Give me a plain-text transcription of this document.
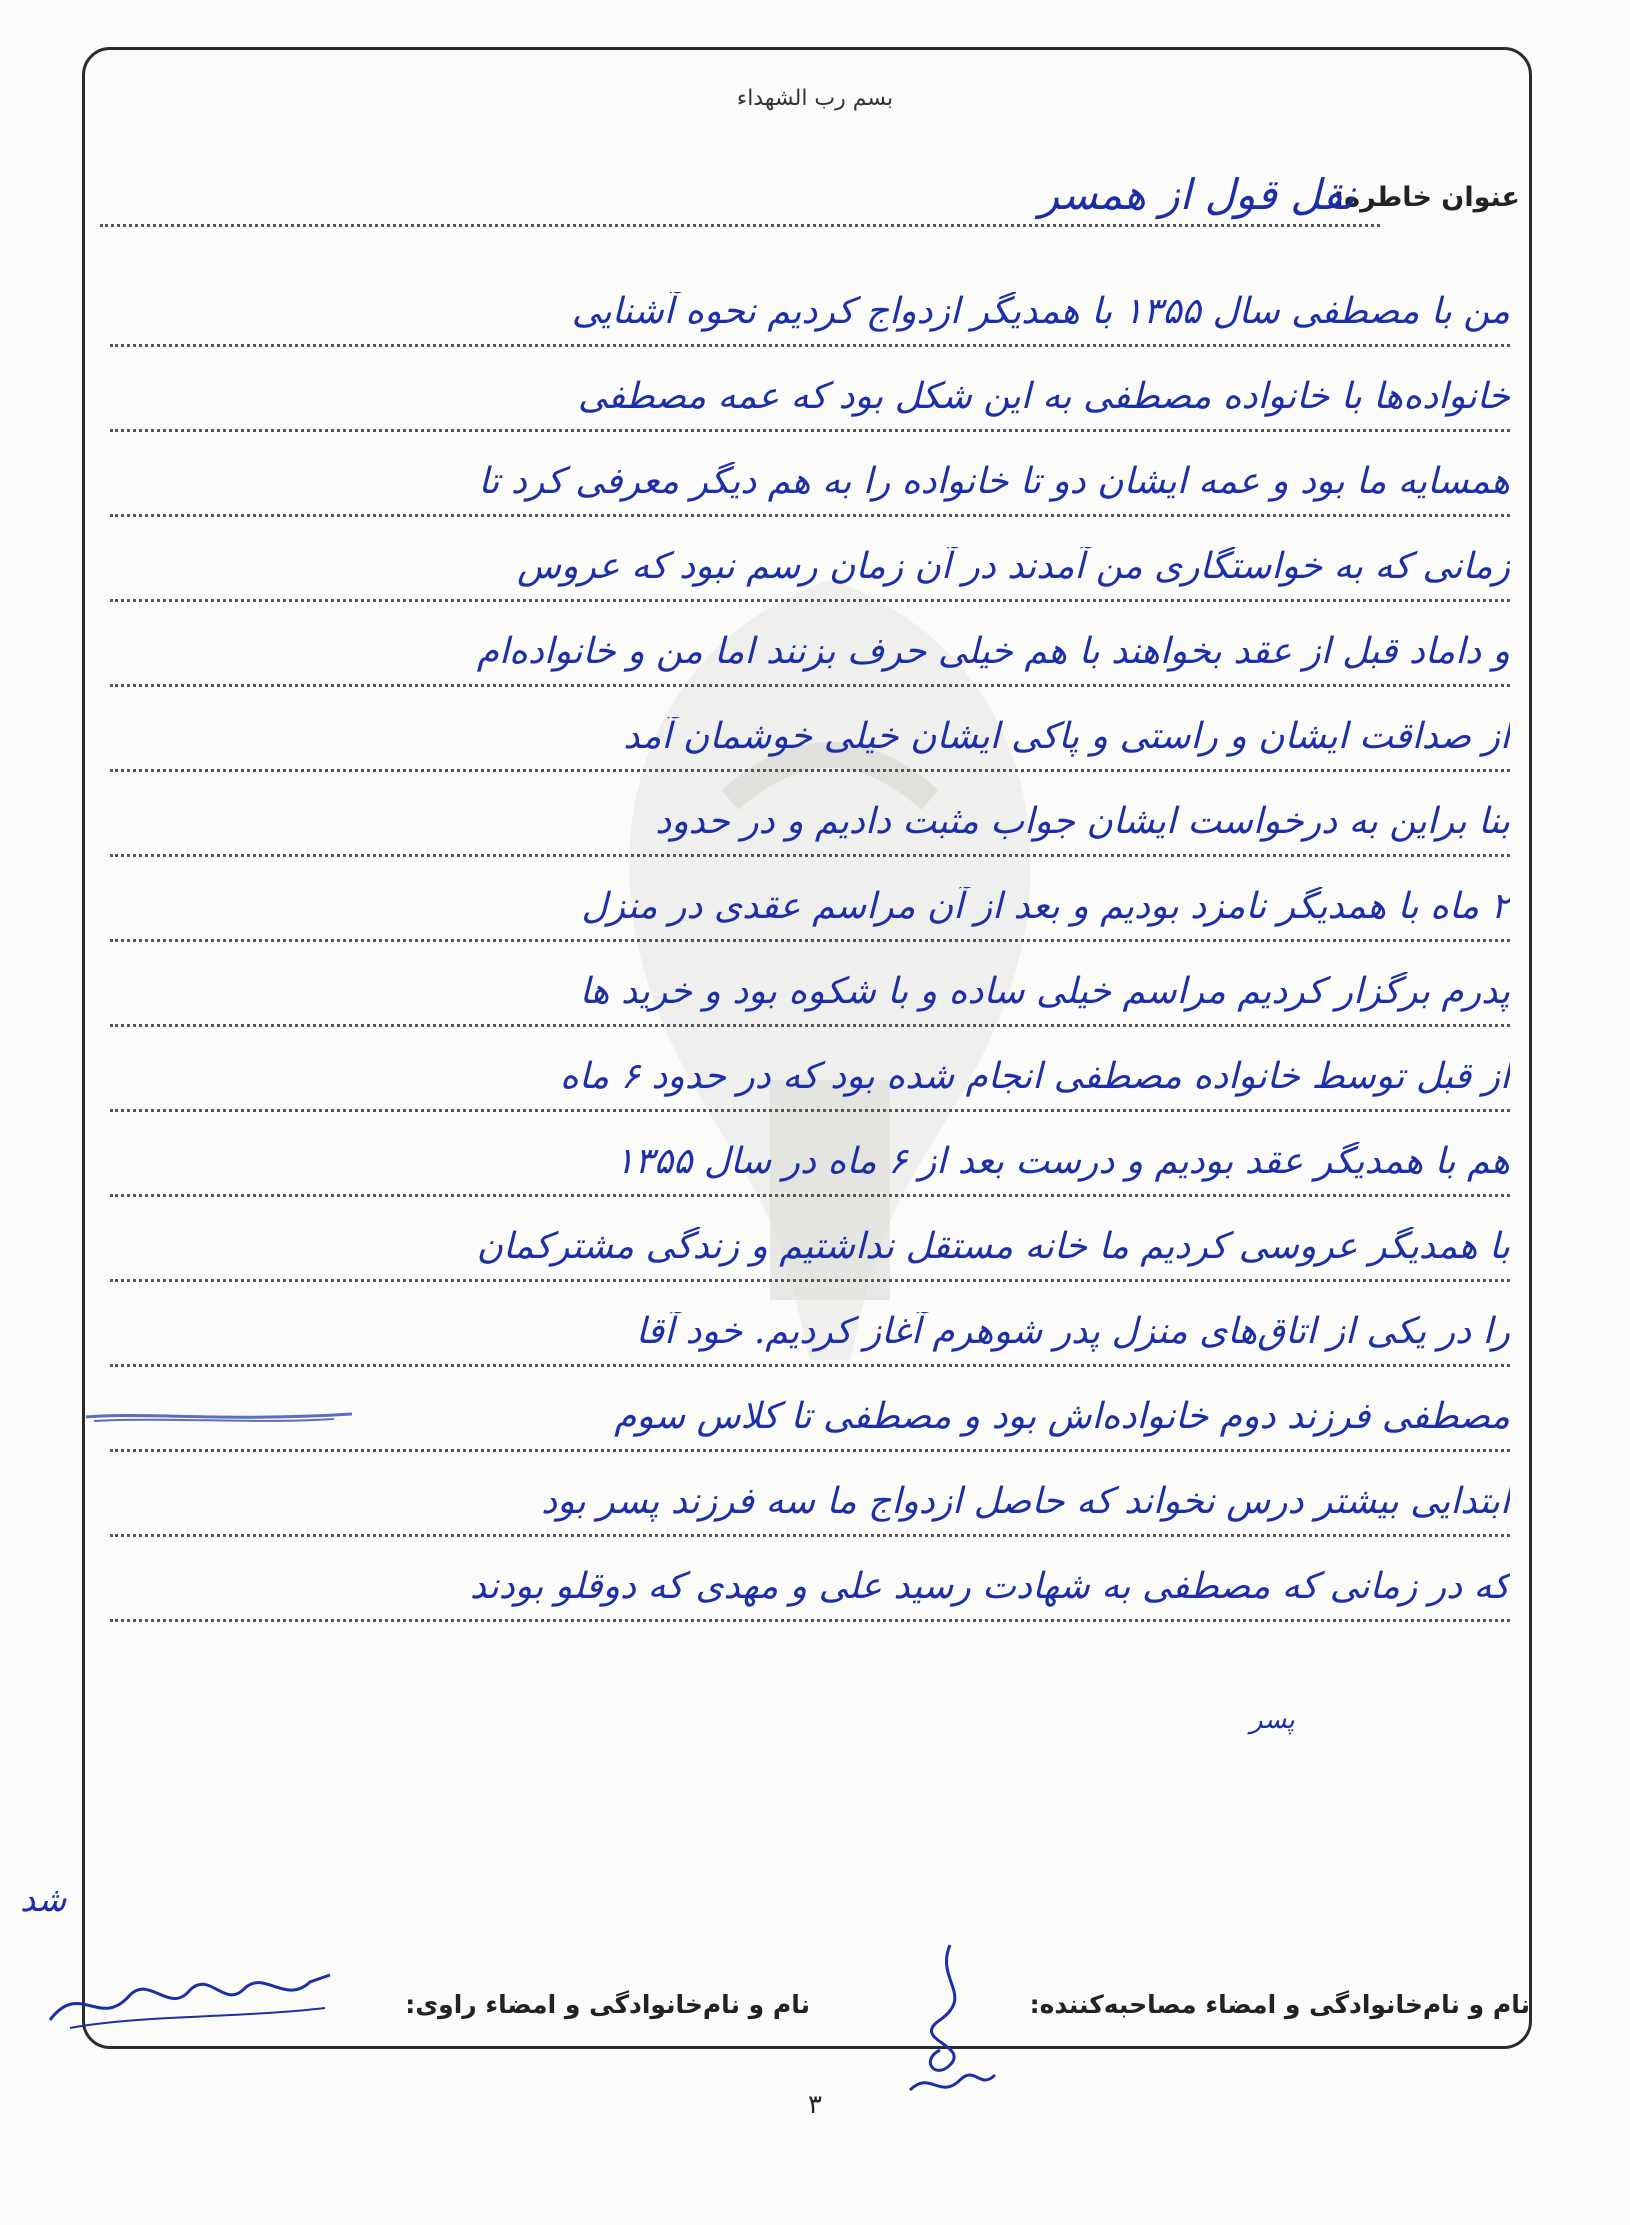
بسم رب الشهداء
عنوان خاطره:
نقل قول از همسر
من با مصطفی سال ۱۳۵۵ با همدیگر ازدواج کردیم نحوه آشنایی
خانواده‌ها با خانواده مصطفی به این شکل بود که عمه مصطفی
همسایه ما بود و عمه ایشان دو تا خانواده را به هم دیگر معرفی کرد تا
زمانی که به خواستگاری من آمدند در آن زمان رسم نبود که عروس
و داماد قبل از عقد بخواهند با هم خیلی حرف بزنند اما من و خانواده‌ام
از صداقت ایشان و راستی و پاکی ایشان خیلی خوشمان آمد
بنا براین به درخواست ایشان جواب مثبت دادیم و در حدود
۲ ماه با همدیگر نامزد بودیم و بعد از آن مراسم عقدی در منزل
پدرم برگزار کردیم مراسم خیلی ساده و با شکوه بود و خرید ها
از قبل توسط خانواده مصطفی انجام شده بود که در حدود ۶ ماه
هم با همدیگر عقد بودیم و درست بعد از ۶ ماه در سال ۱۳۵۵
با همدیگر عروسی کردیم ما خانه مستقل نداشتیم و زندگی مشترکمان
را در یکی از اتاق‌های منزل پدر شوهرم آغاز کردیم. خود آقا
مصطفی فرزند دوم خانواده‌اش بود و مصطفی تا کلاس سوم
ابتدایی بیشتر درس نخواند که حاصل ازدواج ما سه فرزند پسر بود
که در زمانی که مصطفی به شهادت رسید علی و مهدی که دوقلو بودند
پسر
شد
نام و نام‌خانوادگی و امضاء مصاحبه‌کننده:
نام و نام‌خانوادگی و امضاء راوی:
۳
